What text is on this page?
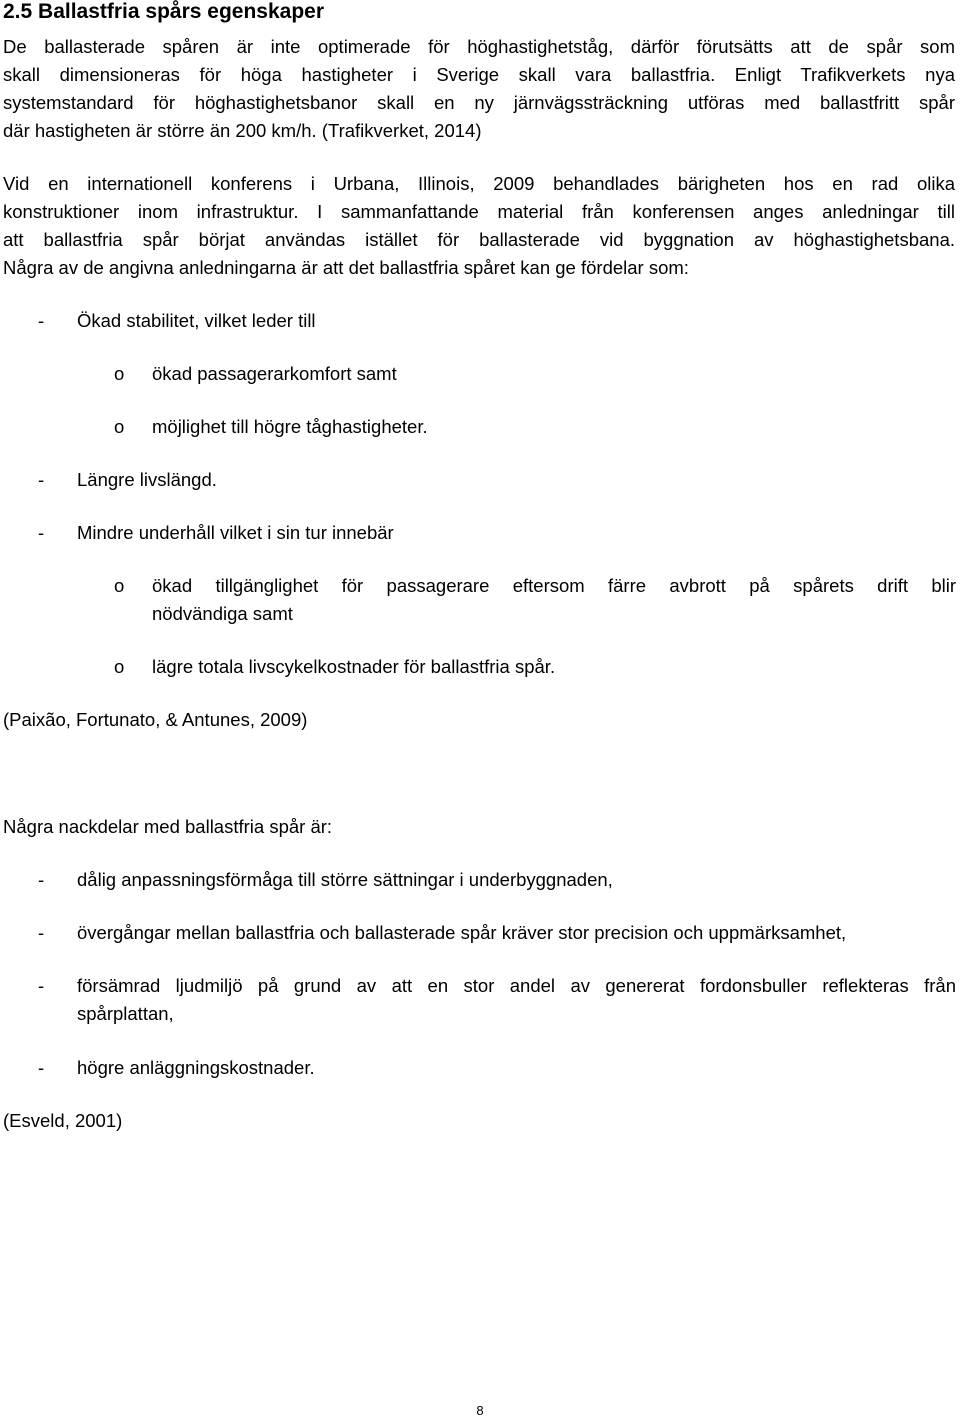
2.5 Ballastfria spårs egenskaper
De ballasterade spåren är inte optimerade för höghastighetståg, därför förutsätts att de spår som
skall dimensioneras för höga hastigheter i Sverige skall vara ballastfria. Enligt Trafikverkets nya
systemstandard för höghastighetsbanor skall en ny järnvägssträckning utföras med ballastfritt spår
där hastigheten är större än 200 km/h. (Trafikverket, 2014)
Vid en internationell konferens i Urbana, Illinois, 2009 behandlades bärigheten hos en rad olika
konstruktioner inom infrastruktur. I sammanfattande material från konferensen anges anledningar till
att ballastfria spår börjat användas istället för ballasterade vid byggnation av höghastighetsbana.
Några av de angivna anledningarna är att det ballastfria spåret kan ge fördelar som:
- Ökad stabilitet, vilket leder till
o ökad passagerarkomfort samt
o möjlighet till högre tåghastigheter.
- Längre livslängd.
- Mindre underhåll vilket i sin tur innebär
o ökad tillgänglighet för passagerare eftersom färre avbrott på spårets drift blir
nödvändiga samt
o lägre totala livscykelkostnader för ballastfria spår.
(Paixão, Fortunato, & Antunes, 2009)
Några nackdelar med ballastfria spår är:
- dålig anpassningsförmåga till större sättningar i underbyggnaden,
- övergångar mellan ballastfria och ballasterade spår kräver stor precision och uppmärksamhet,
- försämrad ljudmiljö på grund av att en stor andel av genererat fordonsbuller reflekteras från
spårplattan,
- högre anläggningskostnader.
(Esveld, 2001)
8
